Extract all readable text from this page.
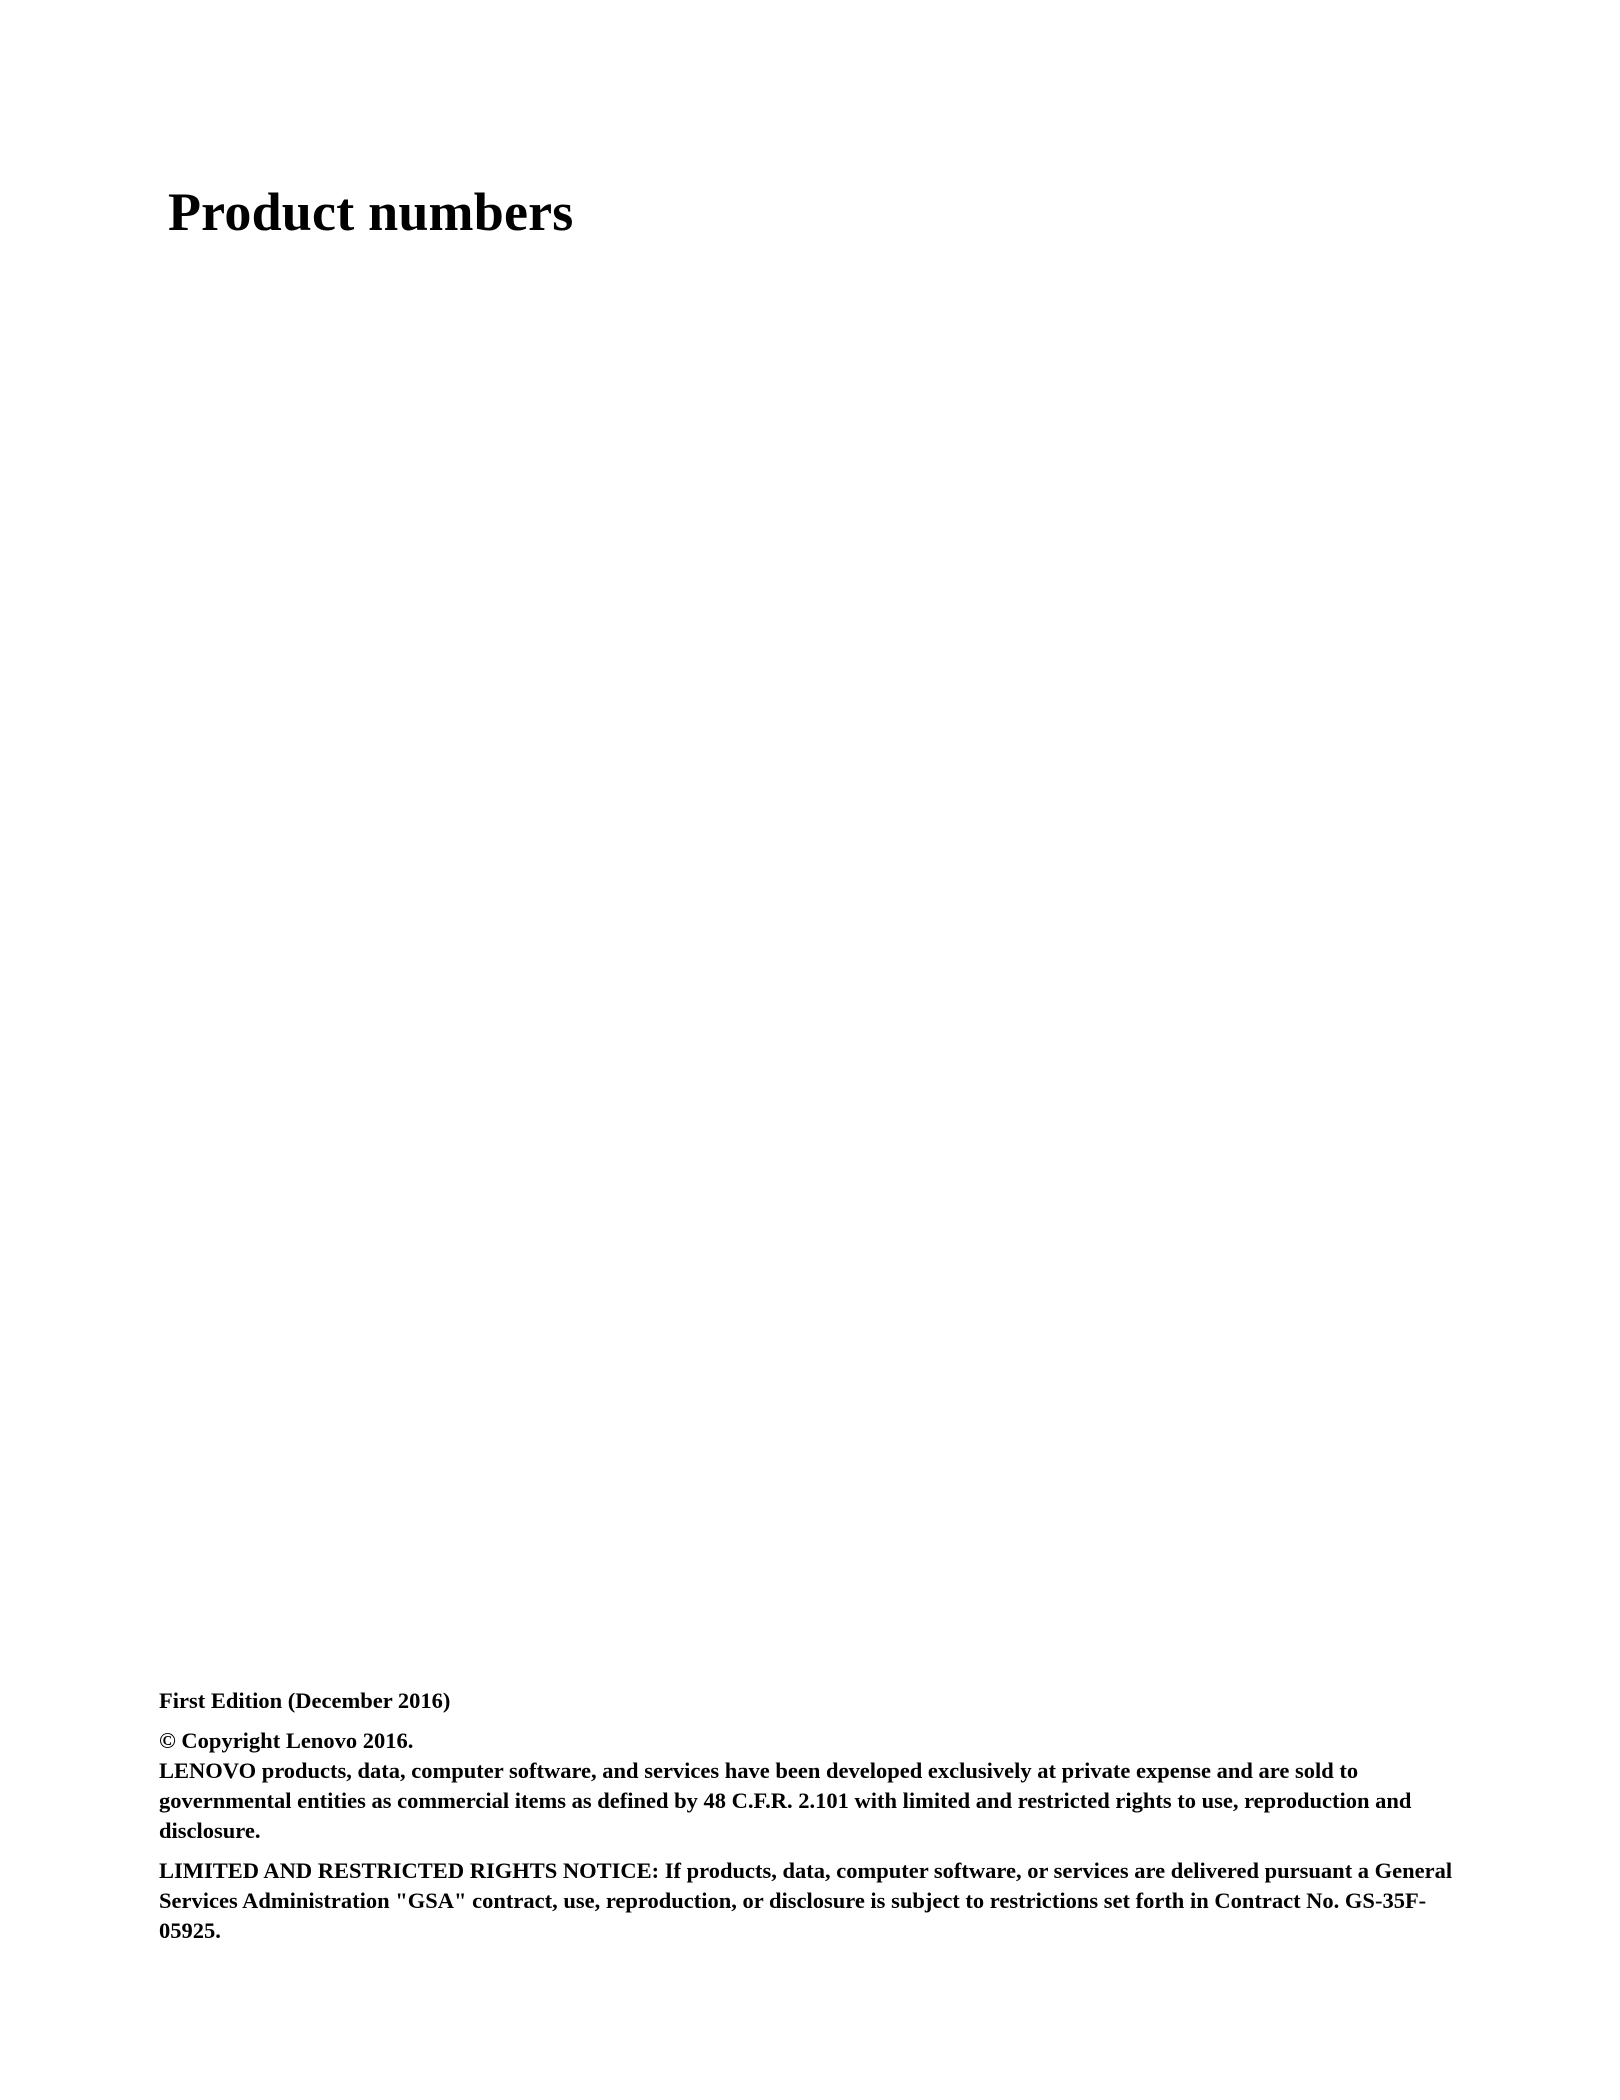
Product numbers

First Edition (December 2016)

© Copyright Lenovo 2016.

LENOVO products, data, computer software, and services have been developed exclusively at private expense and are sold to governmental entities as commercial items as defined by 48 C.F.R. 2.101 with limited and restricted rights to use, reproduction and disclosure.

LIMITED AND RESTRICTED RIGHTS NOTICE: If products, data, computer software, or services are delivered pursuant a General Services Administration "GSA" contract, use, reproduction, or disclosure is subject to restrictions set forth in Contract No. GS-35F-05925.
